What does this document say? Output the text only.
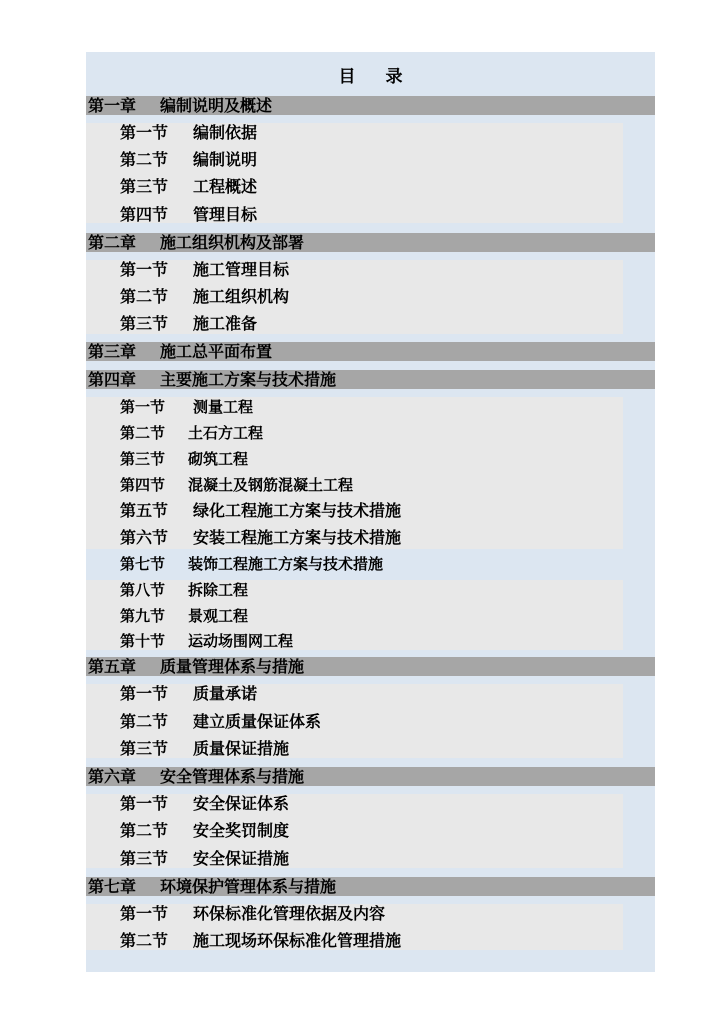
目 录
第一章 编制说明及概述
第一节 编制依据
第二节 编制说明
第三节 工程概述
第四节 管理目标
第二章 施工组织机构及部署
第一节 施工管理目标
第二节 施工组织机构
第三节 施工准备
第三章 施工总平面布置
第四章 主要施工方案与技术措施
第一节 测量工程
第二节 土石方工程
第三节 砌筑工程
第四节 混凝土及钢筋混凝土工程
第五节 绿化工程施工方案与技术措施
第六节 安装工程施工方案与技术措施
第七节 装饰工程施工方案与技术措施
第八节 拆除工程
第九节 景观工程
第十节 运动场围网工程
第五章 质量管理体系与措施
第一节 质量承诺
第二节 建立质量保证体系
第三节 质量保证措施
第六章 安全管理体系与措施
第一节 安全保证体系
第二节 安全奖罚制度
第三节 安全保证措施
第七章 环境保护管理体系与措施
第一节 环保标准化管理依据及内容
第二节 施工现场环保标准化管理措施
